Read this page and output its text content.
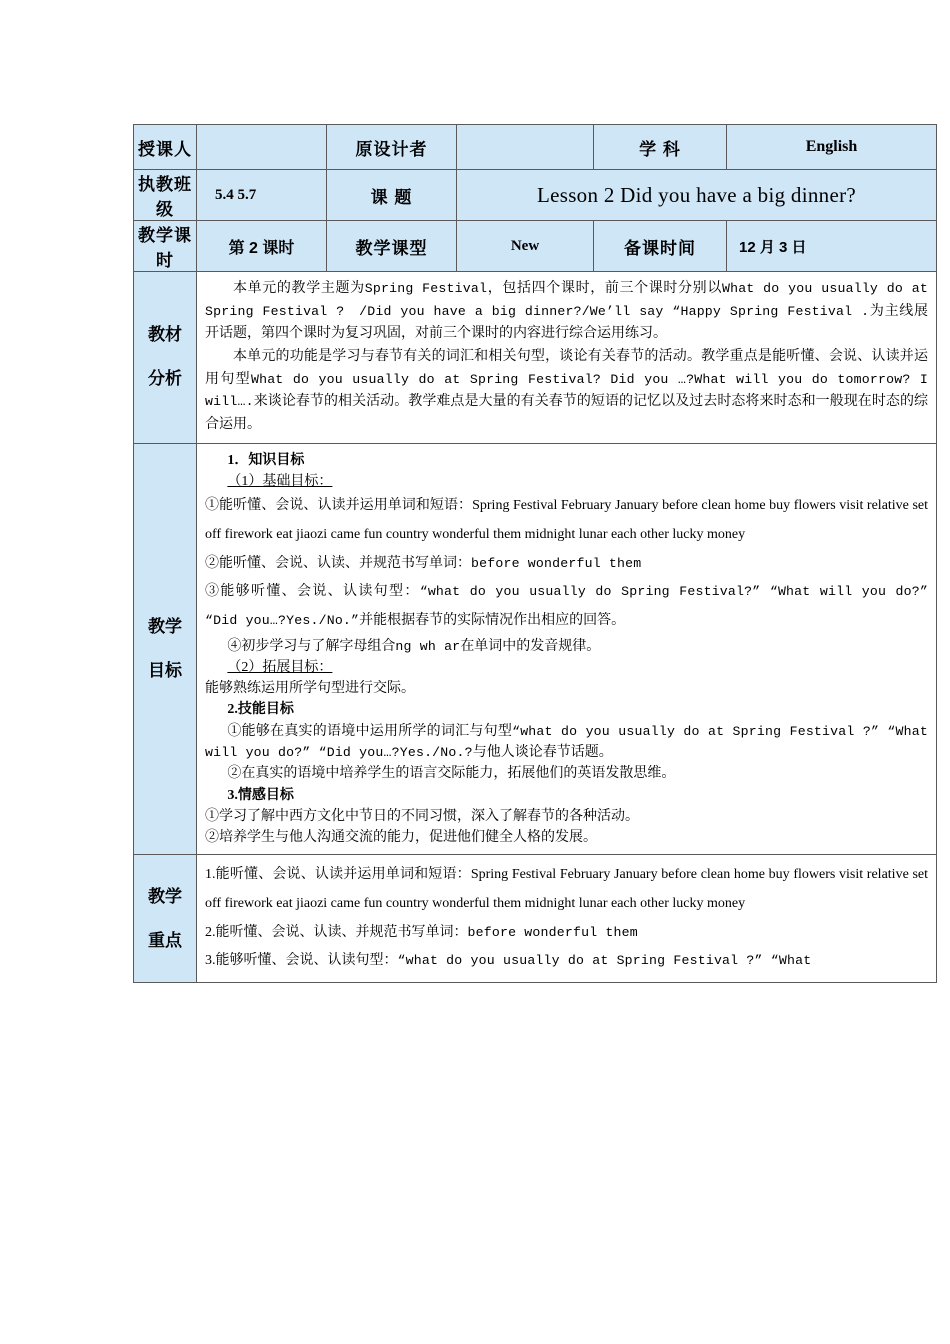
授课人		原设计者		学 科	English
执教班级	5.4 5.7	课 题	Lesson 2 Did you have a big dinner?		
教学课时	第 2 课时	教学课型	New	备课时间	12 月 3 日

教材
分析

本单元的教学主题为Spring Festival，包括四个课时，前三个课时分别以What do you usually do at Spring Festival ?　/Did you have a big dinner?/We’ll say “Happy Spring Festival .为主线展开话题，第四个课时为复习巩固，对前三个课时的内容进行综合运用练习。

本单元的功能是学习与春节有关的词汇和相关句型，谈论有关春节的活动。教学重点是能听懂、会说、认读并运用句型What do you usually do at Spring Festival? Did you …?What will you do tomorrow? I will….来谈论春节的相关活动。教学难点是大量的有关春节的短语的记忆以及过去时态将来时态和一般现在时态的综合运用。

教学
目标

1．知识目标

（1）基础目标：

①能听懂、会说、认读并运用单词和短语：Spring Festival February January before clean home buy flowers visit relative set off firework eat jiaozi came fun country wonderful them midnight lunar each other lucky money

②能听懂、会说、认读、并规范书写单词：before wonderful them

③能够听懂、会说、认读句型：“what do you usually do Spring Festival?” “What will you do?” “Did you…?Yes./No.”并能根据春节的实际情况作出相应的回答。

④初步学习与了解字母组合ng wh ar在单词中的发音规律。

（2）拓展目标：

能够熟练运用所学句型进行交际。

2.技能目标

①能够在真实的语境中运用所学的词汇与句型“what do you usually do at Spring Festival ?” “What will you do?” “Did you…?Yes./No.?与他人谈论春节话题。

②在真实的语境中培养学生的语言交际能力，拓展他们的英语发散思维。

3.情感目标

①学习了解中西方文化中节日的不同习惯，深入了解春节的各种活动。

②培养学生与他人沟通交流的能力，促进他们健全人格的发展。

教学
重点

1.能听懂、会说、认读并运用单词和短语：Spring Festival February January before clean home buy flowers visit relative set off firework eat jiaozi came fun country wonderful them midnight lunar each other lucky money

2.能听懂、会说、认读、并规范书写单词：before wonderful them

3.能够听懂、会说、认读句型：“what do you usually do at Spring Festival ?” “What
